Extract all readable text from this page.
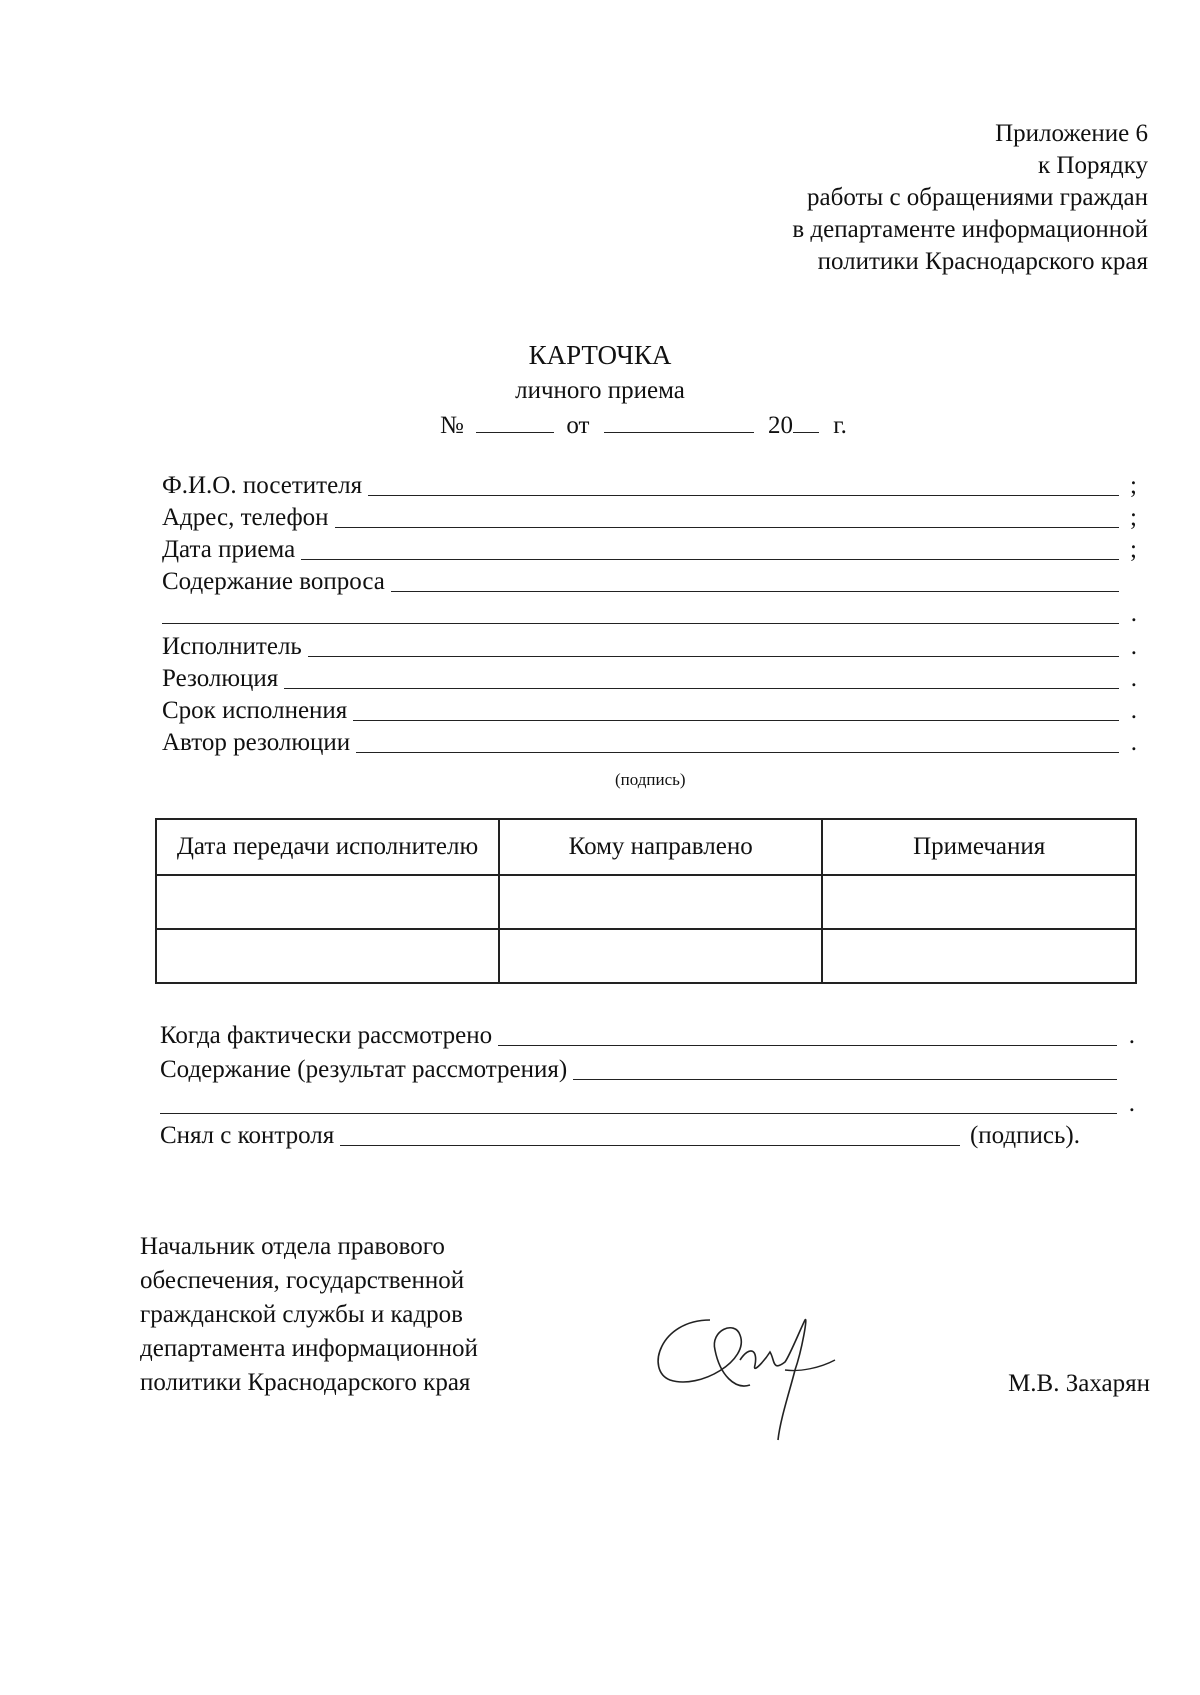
Приложение 6
к Порядку
работы с обращениями граждан
в департаменте информационной
политики Краснодарского края
КАРТОЧКА
личного приема
№	от	20 г.
Ф.И.О. посетителя	;
Адрес, телефон	;
Дата приема	;
Содержание вопроса
.
Исполнитель	.
Резолюция	.
Срок исполнения	.
Автор резолюции	.
(подпись)
Дата передачи исполнителю	Кому направлено	Примечания

Когда фактически рассмотрено	.
Содержание (результат рассмотрения)
.
Снял с контроля	(подпись).
Начальник отдела правового
обеспечения, государственной
гражданской службы и кадров
департамента информационной
политики Краснодарского края	М.В. Захарян
